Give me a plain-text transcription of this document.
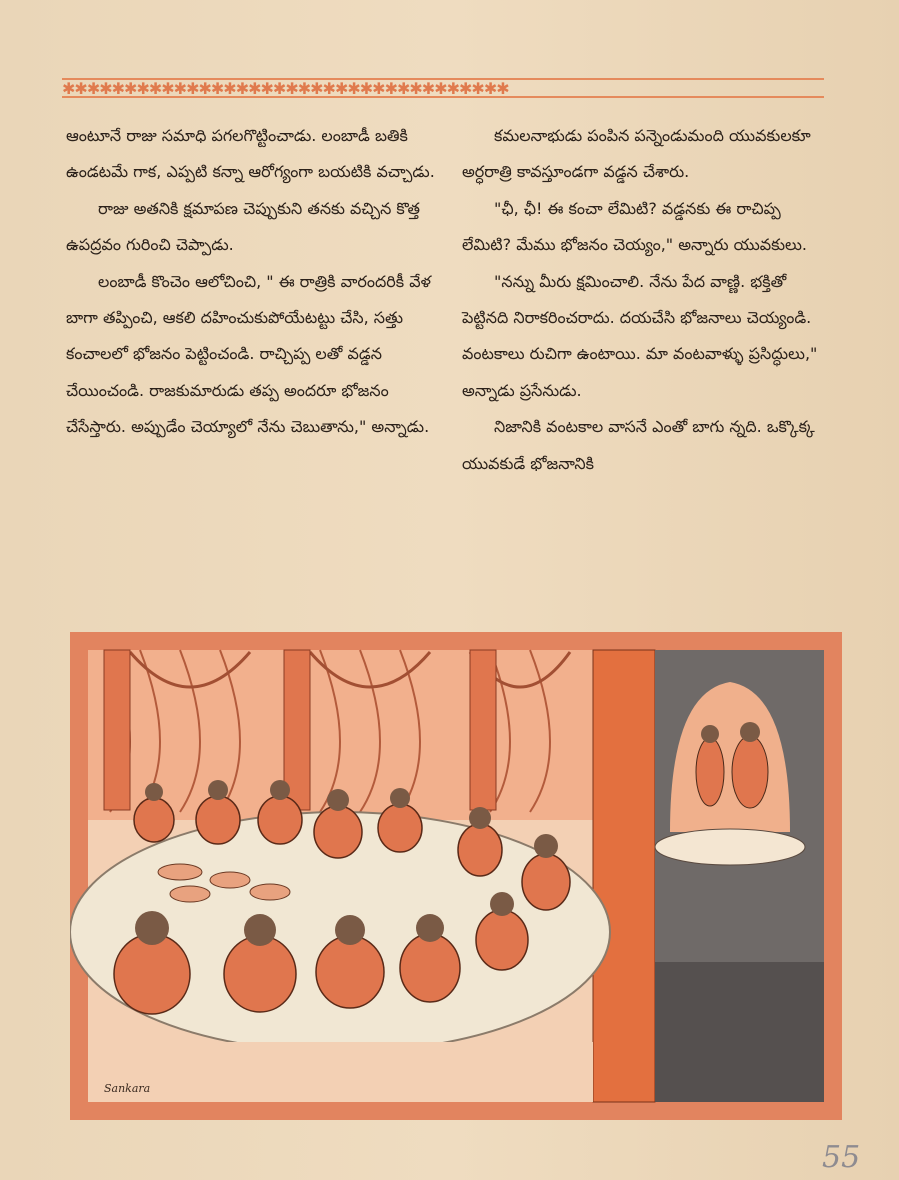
✱✱✱✱✱✱✱✱✱✱✱✱✱✱✱✱✱✱✱✱✱✱✱✱✱✱✱✱✱✱✱✱✱✱✱✱

ఆంటూనే రాజు సమాధి పగలగొట్టించాడు. లంబాడీ బతికి ఉండటమే గాక, ఎప్పటి కన్నా ఆరోగ్యంగా బయటికి వచ్చాడు.

రాజు అతనికి క్షమాపణ చెప్పుకుని తనకు వచ్చిన కొత్త ఉపద్రవం గురించి చెప్పాడు.

లంబాడీ కొంచెం ఆలోచించి, " ఈ రాత్రికి వారందరికీ వేళ బాగా తప్పించి, ఆకలి దహించుకుపోయేటట్టు చేసి, సత్తు కంచాలలో భోజనం పెట్టించండి. రాచ్చిప్ప లతో వడ్డన చేయించండి. రాజకుమారుడు తప్ప అందరూ భోజనం చేసేస్తారు. అప్పుడేం చెయ్యాలో నేను చెబుతాను," అన్నాడు.

కమలనాభుడు పంపిన పన్నెండుమంది యువకులకూ అర్ధరాత్రి కావస్తూండగా వడ్డన చేశారు.

"ఛీ, ఛీ! ఈ కంచా లేమిటి? వడ్డనకు ఈ రాచిప్ప లేమిటి? మేము భోజనం చెయ్యం," అన్నారు యువకులు.

"నన్ను మీరు క్షమించాలి. నేను పేద వాణ్ణి. భక్తితో పెట్టినది నిరాకరించరాదు. దయచేసి భోజనాలు చెయ్యండి. వంటకాలు రుచిగా ఉంటాయి. మా వంటవాళ్ళు ప్రసిద్ధులు," అన్నాడు ప్రసేనుడు.

నిజానికి వంటకాల వాసనే ఎంతో బాగు న్నది. ఒక్కొక్క యువకుడే భోజనానికి

Sankara
55
